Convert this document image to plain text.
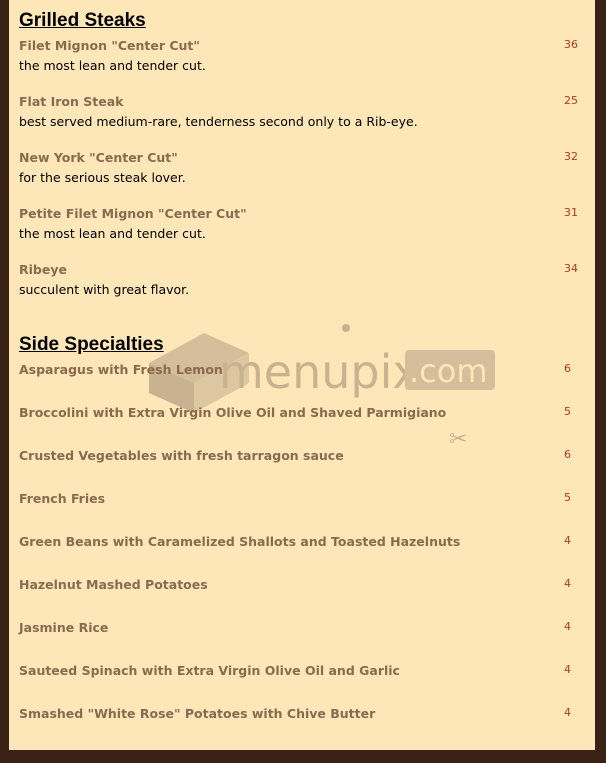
Grilled Steaks
Filet Mignon "Center Cut"	36
the most lean and tender cut.
Flat Iron Steak	25
best served medium-rare, tenderness second only to a Rib-eye.
New York "Center Cut"	32
for the serious steak lover.
Petite Filet Mignon "Center Cut"	31
the most lean and tender cut.
Ribeye	34
succulent with great flavor.
menupix
.com
✂
Side Specialties
Asparagus with Fresh Lemon	6
Broccolini with Extra Virgin Olive Oil and Shaved Parmigiano	5
Crusted Vegetables with fresh tarragon sauce	6
French Fries	5
Green Beans with Caramelized Shallots and Toasted Hazelnuts	4
Hazelnut Mashed Potatoes	4
Jasmine Rice	4
Sauteed Spinach with Extra Virgin Olive Oil and Garlic	4
Smashed "White Rose" Potatoes with Chive Butter	4
